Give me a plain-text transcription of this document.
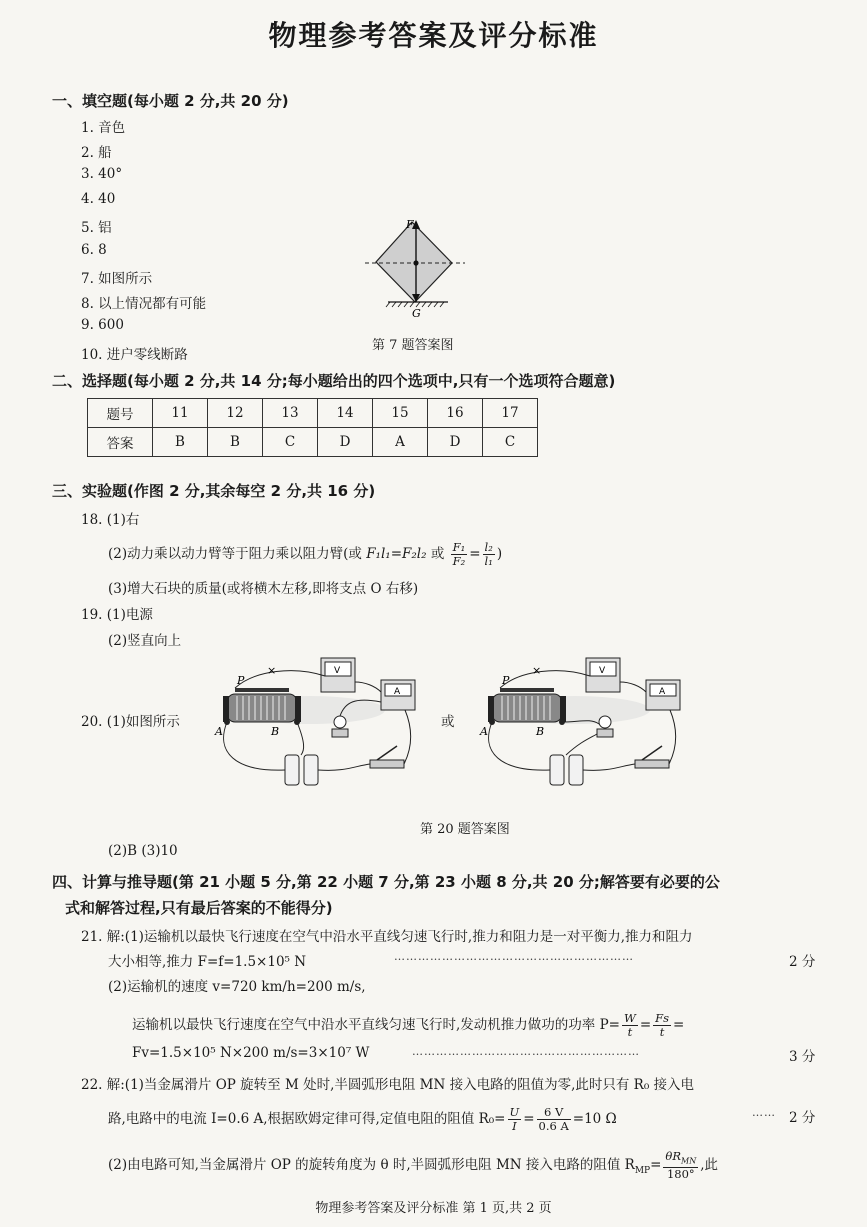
物理参考答案及评分标准
一、填空题(每小题 2 分,共 20 分)
1. 音色
2. 船
3. 40°
4. 40
5. 铝
6. 8
7. 如图所示
8. 以上情况都有可能
9. 600
10. 进户零线断路
F
G
第 7 题答案图
二、选择题(每小题 2 分,共 14 分;每小题给出的四个选项中,只有一个选项符合题意)
题号	11	12	13	14	15	16	17
答案	B	B	C	D	A	D	C
三、实验题(作图 2 分,其余每空 2 分,共 16 分)
18. (1)右
(2)动力乘以动力臂等于阻力乘以阻力臂(或 F₁l₁=F₂l₂ 或 $\frac{\text{F₁}}{\text{F₂}} = \frac{\text{l₂}}{\text{l₁}}$ )
(3)增大石块的质量(或将横木左移,即将支点 O 右移)
19. (1)电源
(2)竖直向上
20. (1)如图所示	或
V
A
×
P
A	B
V
A
×
P
A	B
第 20 题答案图
(2)B (3)10
四、计算与推导题(第 21 小题 5 分,第 22 小题 7 分,第 23 小题 8 分,共 20 分;解答要有必要的公
式和解答过程,只有最后答案的不能得分)
21. 解:(1)运输机以最快飞行速度在空气中沿水平直线匀速飞行时,推力和阻力是一对平衡力,推力和阻力
大小相等,推力 F=f=1.5×10⁵ N	……………………………………………………	2 分
(2)运输机的速度 v=720 km/h=200 m/s,
运输机以最快飞行速度在空气中沿水平直线匀速飞行时,发动机推力做功的功率 $P= \frac{W}{t} = \frac{Fs}{t}$ =
Fv=1.5×10⁵ N×200 m/s=3×10⁷ W	…………………………………………………	3 分
22. 解:(1)当金属滑片 OP 旋转至 M 处时,半圆弧形电阻 MN 接入电路的阻值为零,此时只有 R₀ 接入电
路,电路中的电流 I=0.6 A,根据欧姆定律可得,定值电阻的阻值 $R_0= \frac{U}{I} = \frac{6 V}{0.6 A} =10$ Ω	…… 2 分
(2)由电路可知,当金属滑片 OP 的旋转角度为 θ 时,半圆弧形电阻 MN 接入电路的阻值 $R_{MP}= \frac{\theta R_{MN}}{180^\circ}$ ,此
物理参考答案及评分标准 第 1 页,共 2 页
